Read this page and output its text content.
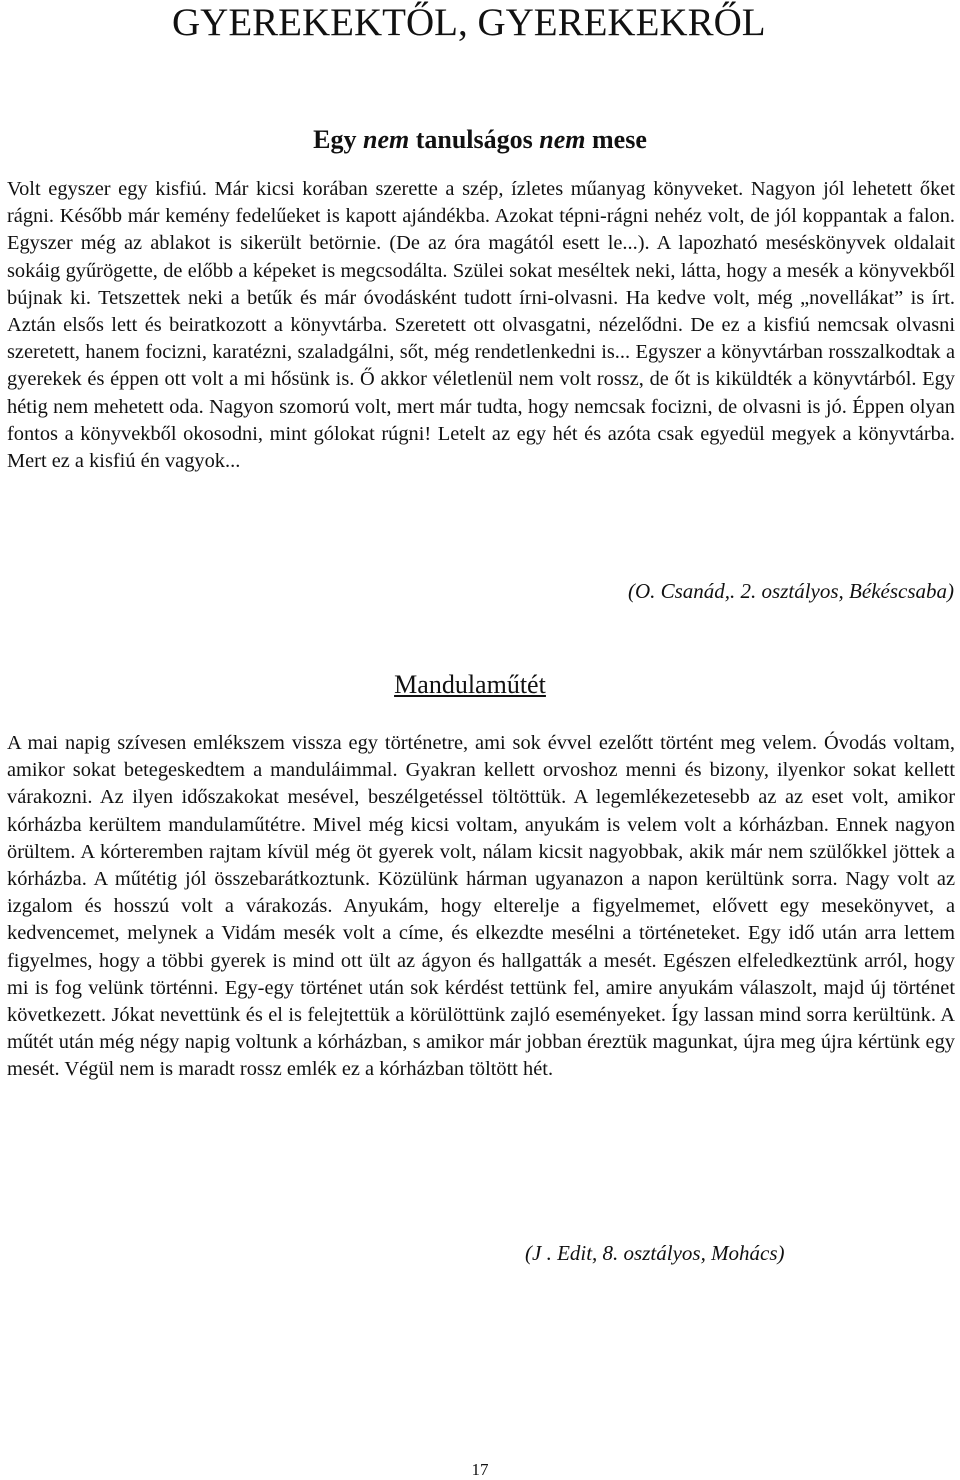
GYEREKEKTŐL, GYEREKEKRŐL
Egy nem tanulságos nem mese

Volt egyszer egy kisfiú. Már kicsi korában szerette a szép, ízletes műanyag könyveket. Nagyon jól lehetett őket rágni. Később már kemény fedelűeket is kapott ajándékba. Azokat tépni-rágni nehéz volt, de jól koppantak a falon. Egyszer még az ablakot is sikerült betörnie. (De az óra magától esett le...). A lapozható meséskönyvek oldalait sokáig gyűrögette, de előbb a képeket is megcsodálta. Szülei sokat meséltek neki, látta, hogy a mesék a könyvekből bújnak ki. Tetszettek neki a betűk és már óvodásként tudott írni-olvasni. Ha kedve volt, még „novellákat” is írt. Aztán elsős lett és beiratkozott a könyvtárba. Szeretett ott olvasgatni, nézelődni. De ez a kisfiú nemcsak olvasni szeretett, hanem focizni, karatézni, szaladgálni, sőt, még rendetlenkedni is... Egyszer a könyvtárban rosszalkodtak a gyerekek és éppen ott volt a mi hősünk is. Ő akkor véletlenül nem volt rossz, de őt is kiküldték a könyvtárból. Egy hétig nem mehetett oda. Nagyon szomorú volt, mert már tudta, hogy nemcsak focizni, de olvasni is jó. Éppen olyan fontos a könyvekből okosodni, mint gólokat rúgni! Letelt az egy hét és azóta csak egyedül megyek a könyvtárba. Mert ez a kisfiú én vagyok...

(O. Csanád,. 2. osztályos, Békéscsaba)

Mandulaműtét

A mai napig szívesen emlékszem vissza egy történetre, ami sok évvel ezelőtt történt meg velem. Óvodás voltam, amikor sokat betegeskedtem a manduláimmal. Gyakran kellett orvoshoz menni és bizony, ilyenkor sokat kellett várakozni. Az ilyen időszakokat mesével, beszélgetéssel töltöttük. A legemlékezetesebb az az eset volt, amikor kórházba kerültem mandulaműtétre. Mivel még kicsi voltam, anyukám is velem volt a kórházban. Ennek nagyon örültem. A kórteremben rajtam kívül még öt gyerek volt, nálam kicsit nagyobbak, akik már nem szülőkkel jöttek a kórházba. A műtétig jól összebarátkoztunk. Közülünk hárman ugyanazon a napon kerültünk sorra. Nagy volt az izgalom és hosszú volt a várakozás. Anyukám, hogy elterelje a figyelmemet, elővett egy mesekönyvet, a kedvencemet, melynek a Vidám mesék volt a címe, és elkezdte mesélni a történeteket. Egy idő után arra lettem figyelmes, hogy a többi gyerek is mind ott ült az ágyon és hallgatták a mesét. Egészen elfeledkeztünk arról, hogy mi is fog velünk történni. Egy-egy történet után sok kérdést tettünk fel, amire anyukám válaszolt, majd új történet következett. Jókat nevettünk és el is felejtettük a körülöttünk zajló eseményeket. Így lassan mind sorra kerültünk. A műtét után még négy napig voltunk a kórházban, s amikor már jobban éreztük magunkat, újra meg újra kértünk egy mesét. Végül nem is maradt rossz emlék ez a kórházban töltött hét.

(J . Edit, 8. osztályos, Mohács)

17
